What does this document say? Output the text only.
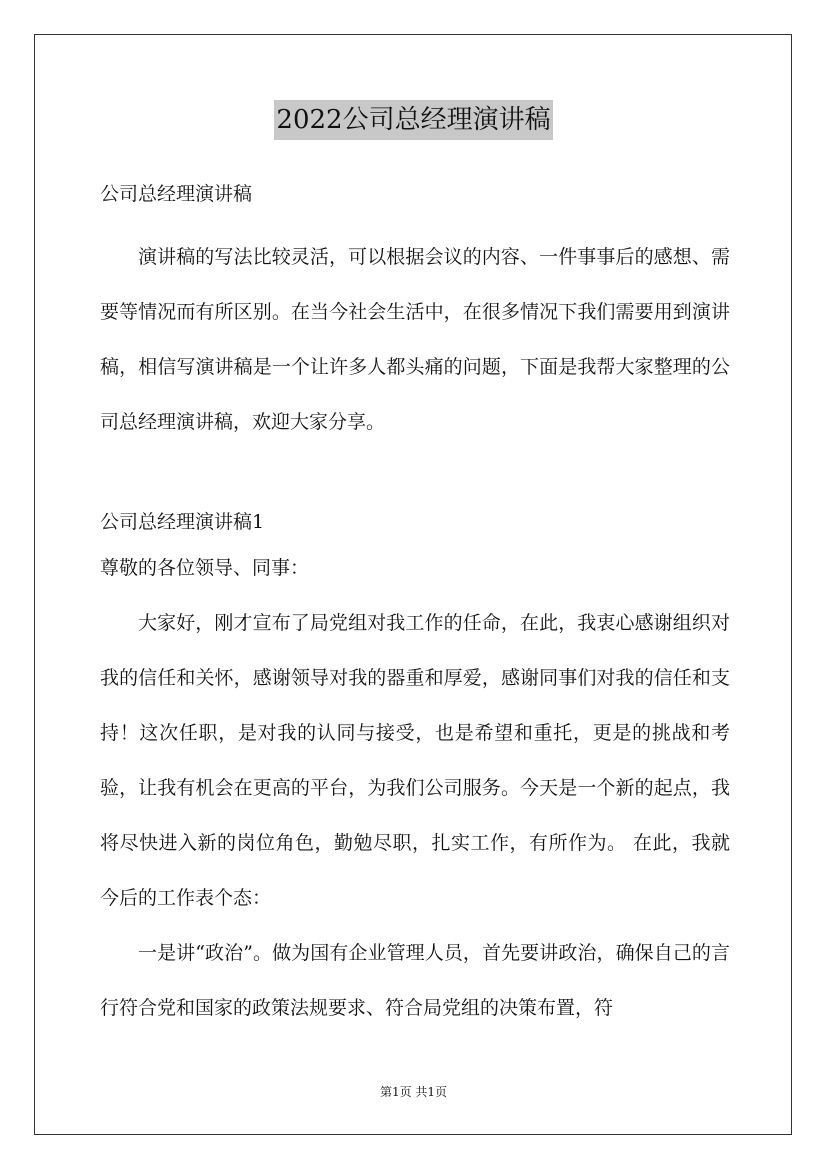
2022公司总经理演讲稿
公司总经理演讲稿

演讲稿的写法比较灵活，可以根据会议的内容、一件事事后的感想、需要等情况而有所区别。在当今社会生活中，在很多情况下我们需要用到演讲稿，相信写演讲稿是一个让许多人都头痛的问题，下面是我帮大家整理的公司总经理演讲稿，欢迎大家分享。

公司总经理演讲稿1
尊敬的各位领导、同事：

大家好，刚才宣布了局党组对我工作的任命，在此，我衷心感谢组织对我的信任和关怀，感谢领导对我的器重和厚爱，感谢同事们对我的信任和支持！这次任职，是对我的认同与接受，也是希望和重托，更是的挑战和考验，让我有机会在更高的平台，为我们公司服务。今天是一个新的起点，我将尽快进入新的岗位角色，勤勉尽职，扎实工作，有所作为。 在此，我就今后的工作表个态：

一是讲“政治”。做为国有企业管理人员，首先要讲政治，确保自己的言行符合党和国家的政策法规要求、符合局党组的决策布置，符

第1页 共1页
